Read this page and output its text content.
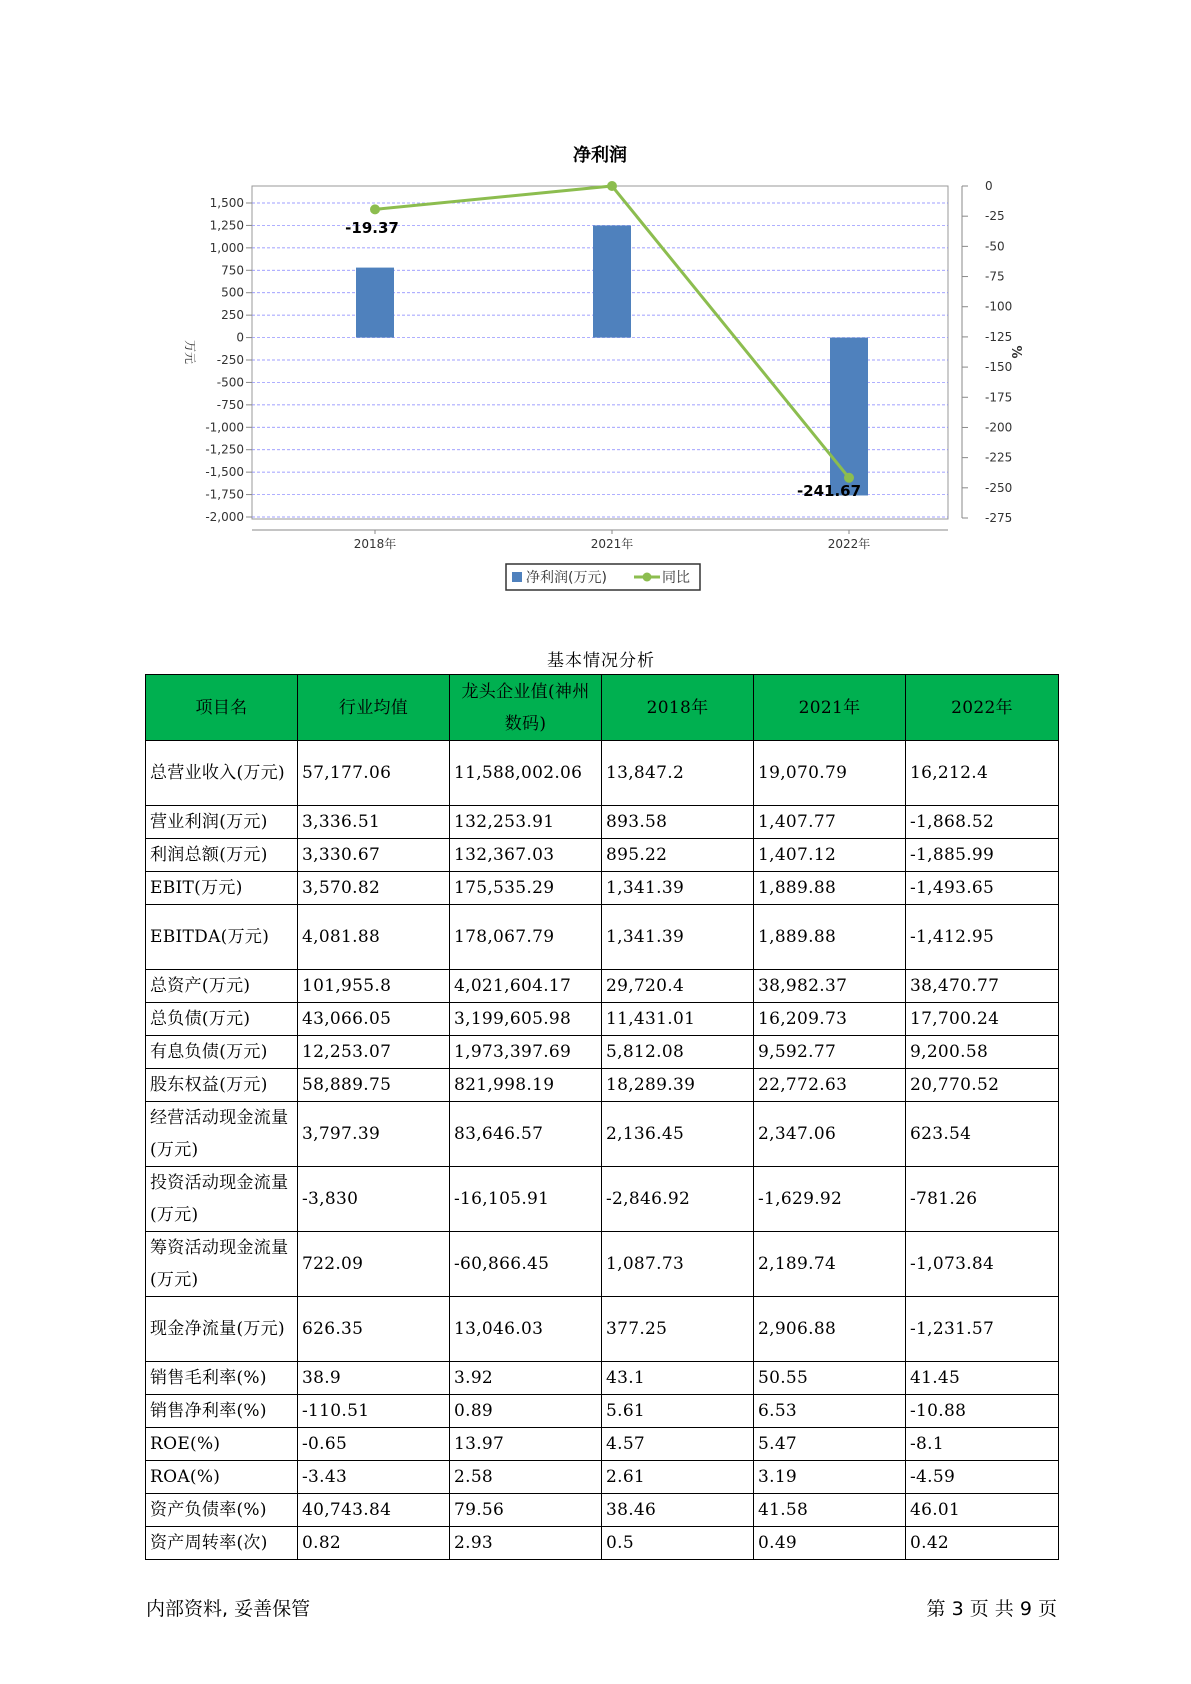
净利润
1,500
1,250
1,000
750
500
250
0
-250
-500
-750
-1,000
-1,250
-1,500
-1,750
-2,000
0
-25
-50
-75
-100
-125
-150
-175
-200
-225
-250
-275
-19.37
-241.67
2018年	2021年	2022年
万元	%
净利润(万元)	同比
基本情况分析
项目名	行业均值	龙头企业值(神州数码)	2018年	2021年	2022年
总营业收入(万元)	57,177.06	11,588,002.06	13,847.2	19,070.79	16,212.4
营业利润(万元)	3,336.51	132,253.91	893.58	1,407.77	-1,868.52
利润总额(万元)	3,330.67	132,367.03	895.22	1,407.12	-1,885.99
EBIT(万元)	3,570.82	175,535.29	1,341.39	1,889.88	-1,493.65
EBITDA(万元)	4,081.88	178,067.79	1,341.39	1,889.88	-1,412.95
总资产(万元)	101,955.8	4,021,604.17	29,720.4	38,982.37	38,470.77
总负债(万元)	43,066.05	3,199,605.98	11,431.01	16,209.73	17,700.24
有息负债(万元)	12,253.07	1,973,397.69	5,812.08	9,592.77	9,200.58
股东权益(万元)	58,889.75	821,998.19	18,289.39	22,772.63	20,770.52
经营活动现金流量(万元)	3,797.39	83,646.57	2,136.45	2,347.06	623.54
投资活动现金流量(万元)	-3,830	-16,105.91	-2,846.92	-1,629.92	-781.26
筹资活动现金流量(万元)	722.09	-60,866.45	1,087.73	2,189.74	-1,073.84
现金净流量(万元)	626.35	13,046.03	377.25	2,906.88	-1,231.57
销售毛利率(%)	38.9	3.92	43.1	50.55	41.45
销售净利率(%)	-110.51	0.89	5.61	6.53	-10.88
ROE(%)	-0.65	13.97	4.57	5.47	-8.1
ROA(%)	-3.43	2.58	2.61	3.19	-4.59
资产负债率(%)	40,743.84	79.56	38.46	41.58	46.01
资产周转率(次)	0.82	2.93	0.5	0.49	0.42
内部资料, 妥善保管	第 3 页 共 9 页
